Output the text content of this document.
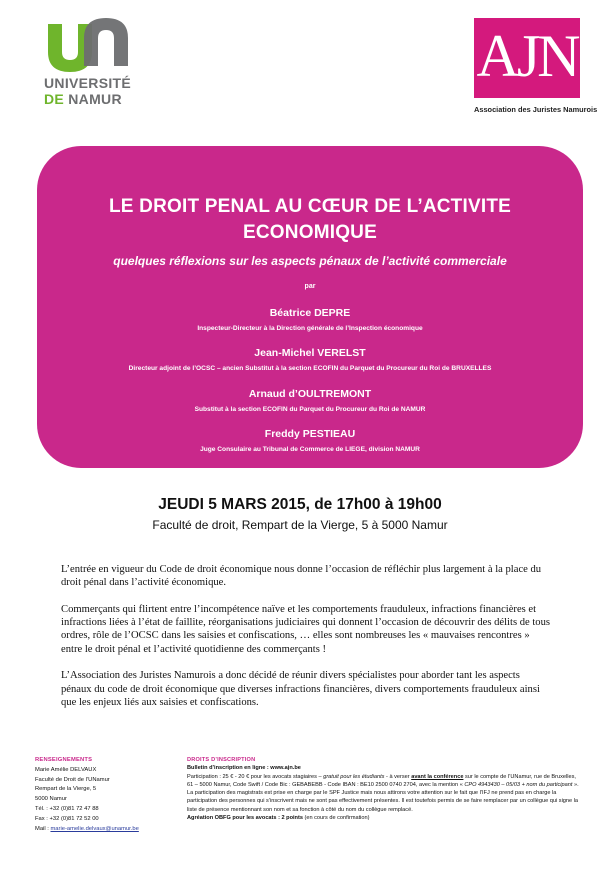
UNIVERSITÉ
DE NAMUR
AJN
Association des Juristes Namurois
LE DROIT PENAL AU CŒUR DE L’ACTIVITE
ECONOMIQUE
quelques réflexions sur les aspects pénaux de l’activité commerciale
par
Béatrice DEPRE
Inspecteur-Directeur à la Direction générale de l’Inspection économique
Jean-Michel VERELST
Directeur adjoint de l’OCSC – ancien Substitut à la section ECOFIN du Parquet du Procureur du Roi de BRUXELLES
Arnaud d’OULTREMONT
Substitut à la section ECOFIN du Parquet du Procureur du Roi de NAMUR
Freddy PESTIEAU
Juge Consulaire au Tribunal de Commerce de LIEGE, division NAMUR
JEUDI 5 MARS 2015, de 17h00 à 19h00
Faculté de droit, Rempart de la Vierge, 5 à 5000 Namur

L’entrée en vigueur du Code de droit économique nous donne l’occasion de réfléchir plus largement à la place du droit pénal dans l’activité économique.

Commerçants qui flirtent entre l’incompétence naïve et les comportements frauduleux, infractions financières et infractions liées à l’état de faillite, réorganisations judiciaires qui donnent l’occasion de découvrir des délits de tous ordres, rôle de l’OCSC dans les saisies et confiscations, … elles sont nombreuses les « mauvaises rencontres » entre le droit pénal et l’activité quotidienne des commerçants !

L’Association des Juristes Namurois a donc décidé de réunir divers spécialistes pour aborder tant les aspects pénaux du code de droit économique que diverses infractions financières, divers comportements frauduleux ainsi que les enjeux liés aux saisies et confiscations.

RENSEIGNEMENTS
Marie Amélie DELVAUX
Faculté de Droit de l’UNamur
Rempart de la Vierge, 5
5000 Namur
Tél. : +32 (0)81 72 47 88
Fax : +32 (0)81 72 52 00
Mail : marie-amelie.delvaux@unamur.be
DROITS D’INSCRIPTION
Bulletin d’inscription en ligne : www.ajn.be
Participation : 25 € - 20 € pour les avocats stagiaires – gratuit pour les étudiants - à verser avant la conférence sur le compte de l’UNamur, rue de Bruxelles, 61 – 5000 Namur, Code Swift / Code Bic : GEBABEBB - Code IBAN : BE10 2500 0740 2704, avec la mention « CPO 4943430 – 05/03 + nom du participant ».
La participation des magistrats est prise en charge par le SPF Justice mais nous attirons votre attention sur le fait que l’IFJ ne prend pas en charge la participation des personnes qui s’inscrivent mais ne sont pas effectivement présentes. Il est toutefois permis de se faire remplacer par un collègue qui signe la liste de présence mentionnant son nom et sa fonction à côté du nom du collègue remplacé.
Agréation OBFG pour les avocats : 2 points (en cours de confirmation)
